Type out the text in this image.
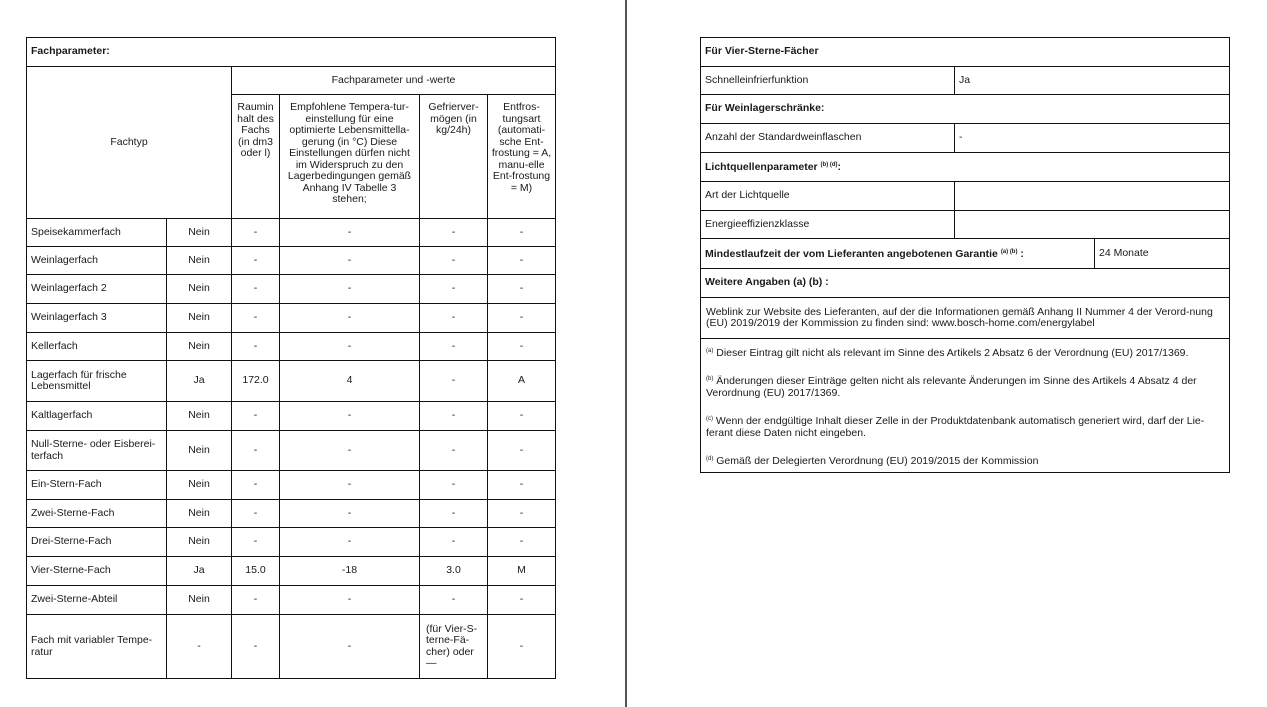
Fachparameter:					
Fachtyp		Fachparameter und -werte			
		Raumin halt des Fachs (in dm3 oder l)	Empfohlene Tempera-tur-einstellung für eine optimierte Lebensmittella-gerung (in °C) Diese Einstellungen dürfen nicht im Widerspruch zu den Lagerbedingungen gemäß Anhang IV Tabelle 3 stehen;	Gefrierver-mögen (in kg/24h)	Entfros-tungsart (automati-sche Ent-frostung = A, manu-elle Ent-frostung = M)
Speisekammerfach	Nein	-	-	-	-
Weinlagerfach	Nein	-	-	-	-
Weinlagerfach 2	Nein	-	-	-	-
Weinlagerfach 3	Nein	-	-	-	-
Kellerfach	Nein	-	-	-	-
Lagerfach für frische Lebensmittel	Ja	172.0	4	-	A
Kaltlagerfach	Nein	-	-	-	-
Null-Sterne- oder Eisberei-terfach	Nein	-	-	-	-
Ein-Stern-Fach	Nein	-	-	-	-
Zwei-Sterne-Fach	Nein	-	-	-	-
Drei-Sterne-Fach	Nein	-	-	-	-
Vier-Sterne-Fach	Ja	15.0	-18	3.0	M
Zwei-Sterne-Abteil	Nein	-	-	-	-
Fach mit variabler Tempe-ratur	-	-	-	(für Vier-S-terne-Fä-cher) oder —	-
Für Vier-Sterne-Fächer		
Schnelleinfrierfunktion	Ja	
Für Weinlagerschränke:		
Anzahl der Standardweinflaschen	-	
Lichtquellenparameter $^{(b) (d)}$:		
Art der Lichtquelle		
Energieeffizienzklasse		
Mindestlaufzeit der vom Lieferanten angebotenen Garantie $^{(a) (b)}$ :		24 Monate
Weitere Angaben (a) (b) :		
Weblink zur Website des Lieferanten, auf der die Informationen gemäß Anhang II Nummer 4 der Verord-nung (EU) 2019/2019 der Kommission zu finden sind: www.bosch-home.com/energylabel		

$^{(a)}$ Dieser Eintrag gilt nicht als relevant im Sinne des Artikels 2 Absatz 6 der Verordnung (EU) 2017/1369.
$^{(b)}$ Änderungen dieser Einträge gelten nicht als relevante Änderungen im Sinne des Artikels 4 Absatz 4 der Verordnung (EU) 2017/1369.
$^{(c)}$ Wenn der endgültige Inhalt dieser Zelle in der Produktdatenbank automatisch generiert wird, darf der Lie-ferant diese Daten nicht eingeben.
$^{(d)}$ Gemäß der Delegierten Verordnung (EU) 2019/2015 der Kommission		
